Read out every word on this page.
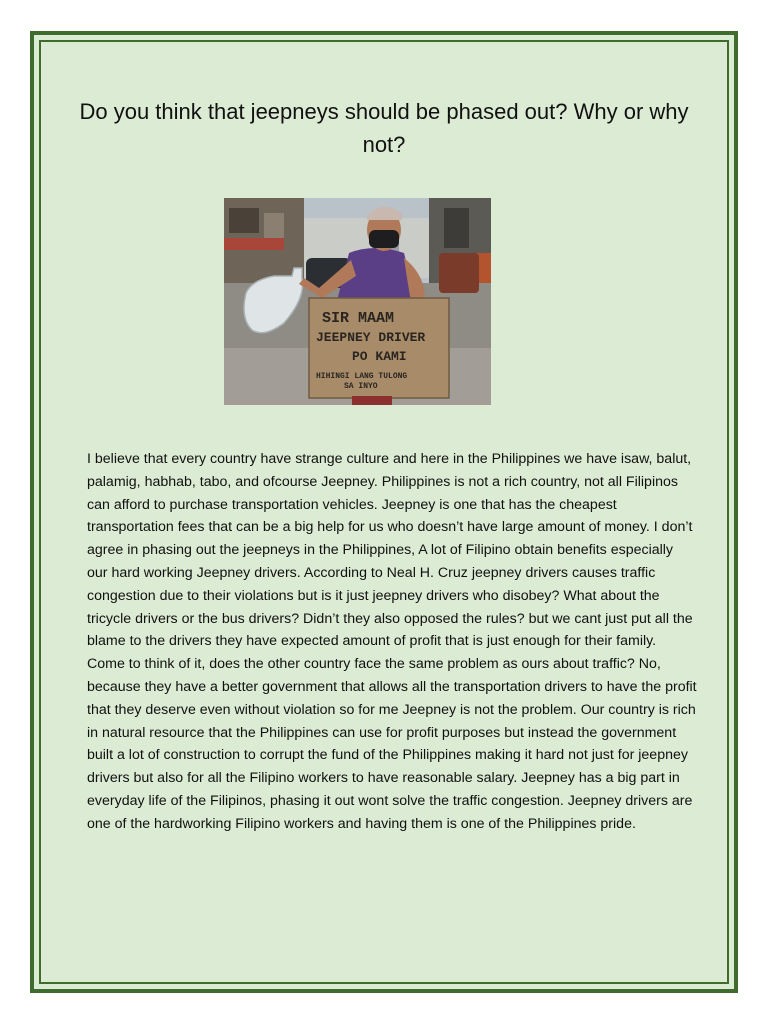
Do you think that jeepneys should be phased out? Why or why not?
SIR MAAM
JEEPNEY DRIVER
PO KAMI
HIHINGI LANG TULONG
SA INYO

I believe that every country have strange culture and here in the Philippines we have isaw, balut, palamig, habhab, tabo, and ofcourse Jeepney. Philippines is not a rich country, not all Filipinos can afford to purchase transportation vehicles. Jeepney is one that has the cheapest transportation fees that can be a big help for us who doesn’t have large amount of money. I don’t agree in phasing out the jeepneys in the Philippines, A lot of Filipino obtain benefits especially our hard working Jeepney drivers. According to Neal H. Cruz jeepney drivers causes traffic congestion due to their violations but is it just jeepney drivers who disobey? What about the tricycle drivers or the bus drivers? Didn’t they also opposed the rules? but we cant just put all the blame to the drivers they have expected amount of profit that is just enough for their family. Come to think of it, does the other country face the same problem as ours about traffic? No, because they have a better government that allows all the transportation drivers to have the profit that they deserve even without violation so for me Jeepney is not the problem. Our country is rich in natural resource that the Philippines can use for profit purposes but instead the government built a lot of construction to corrupt the fund of the Philippines making it hard not just for jeepney drivers but also for all the Filipino workers to have reasonable salary. Jeepney has a big part in everyday life of the Filipinos, phasing it out wont solve the traffic congestion. Jeepney drivers are one of the hardworking Filipino workers and having them is one of the Philippines pride.
